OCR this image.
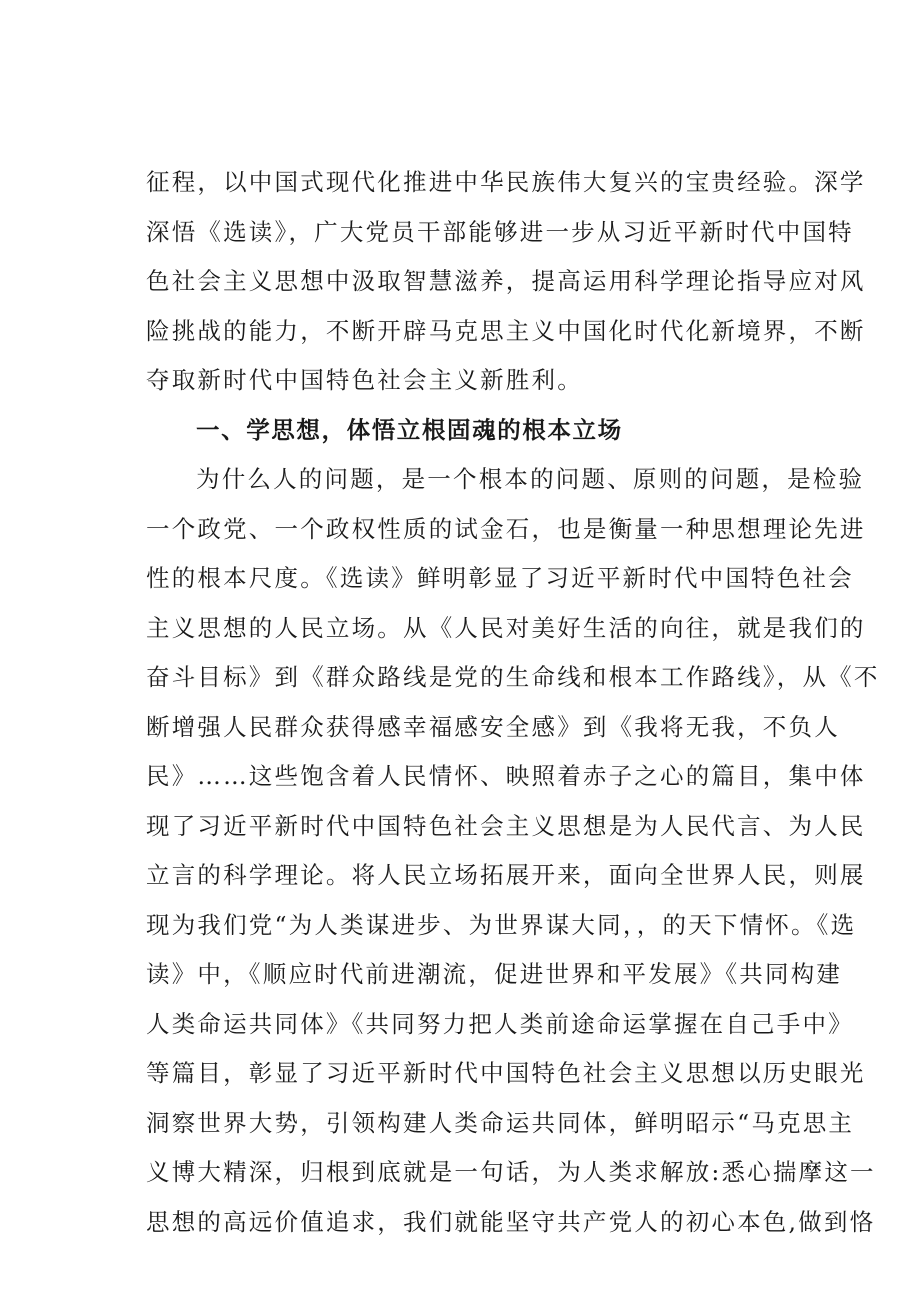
征程，以中国式现代化推进中华民族伟大复兴的宝贵经验。深学
深悟《选读》，广大党员干部能够进一步从习近平新时代中国特
色社会主义思想中汲取智慧滋养，提高运用科学理论指导应对风
险挑战的能力，不断开辟马克思主义中国化时代化新境界，不断
夺取新时代中国特色社会主义新胜利。
一、学思想，体悟立根固魂的根本立场
为什么人的问题，是一个根本的问题、原则的问题，是检验
一个政党、一个政权性质的试金石，也是衡量一种思想理论先进
性的根本尺度。《选读》鲜明彰显了习近平新时代中国特色社会
主义思想的人民立场。从《人民对美好生活的向往，就是我们的
奋斗目标》到《群众路线是党的生命线和根本工作路线》，从《不
断增强人民群众获得感幸福感安全感》到《我将无我，不负人
民》……这些饱含着人民情怀、映照着赤子之心的篇目，集中体
现了习近平新时代中国特色社会主义思想是为人民代言、为人民
立言的科学理论。将人民立场拓展开来，面向全世界人民，则展
现为我们党“为人类谋进步、为世界谋大同，，的天下情怀。《选
读》中，《顺应时代前进潮流，促进世界和平发展》《共同构建
人类命运共同体》《共同努力把人类前途命运掌握在自己手中》
等篇目，彰显了习近平新时代中国特色社会主义思想以历史眼光
洞察世界大势，引领构建人类命运共同体，鲜明昭示“马克思主
义博大精深，归根到底就是一句话，为人类求解放:悉心揣摩这一
思想的高远价值追求，我们就能坚守共产党人的初心本色,做到恪
